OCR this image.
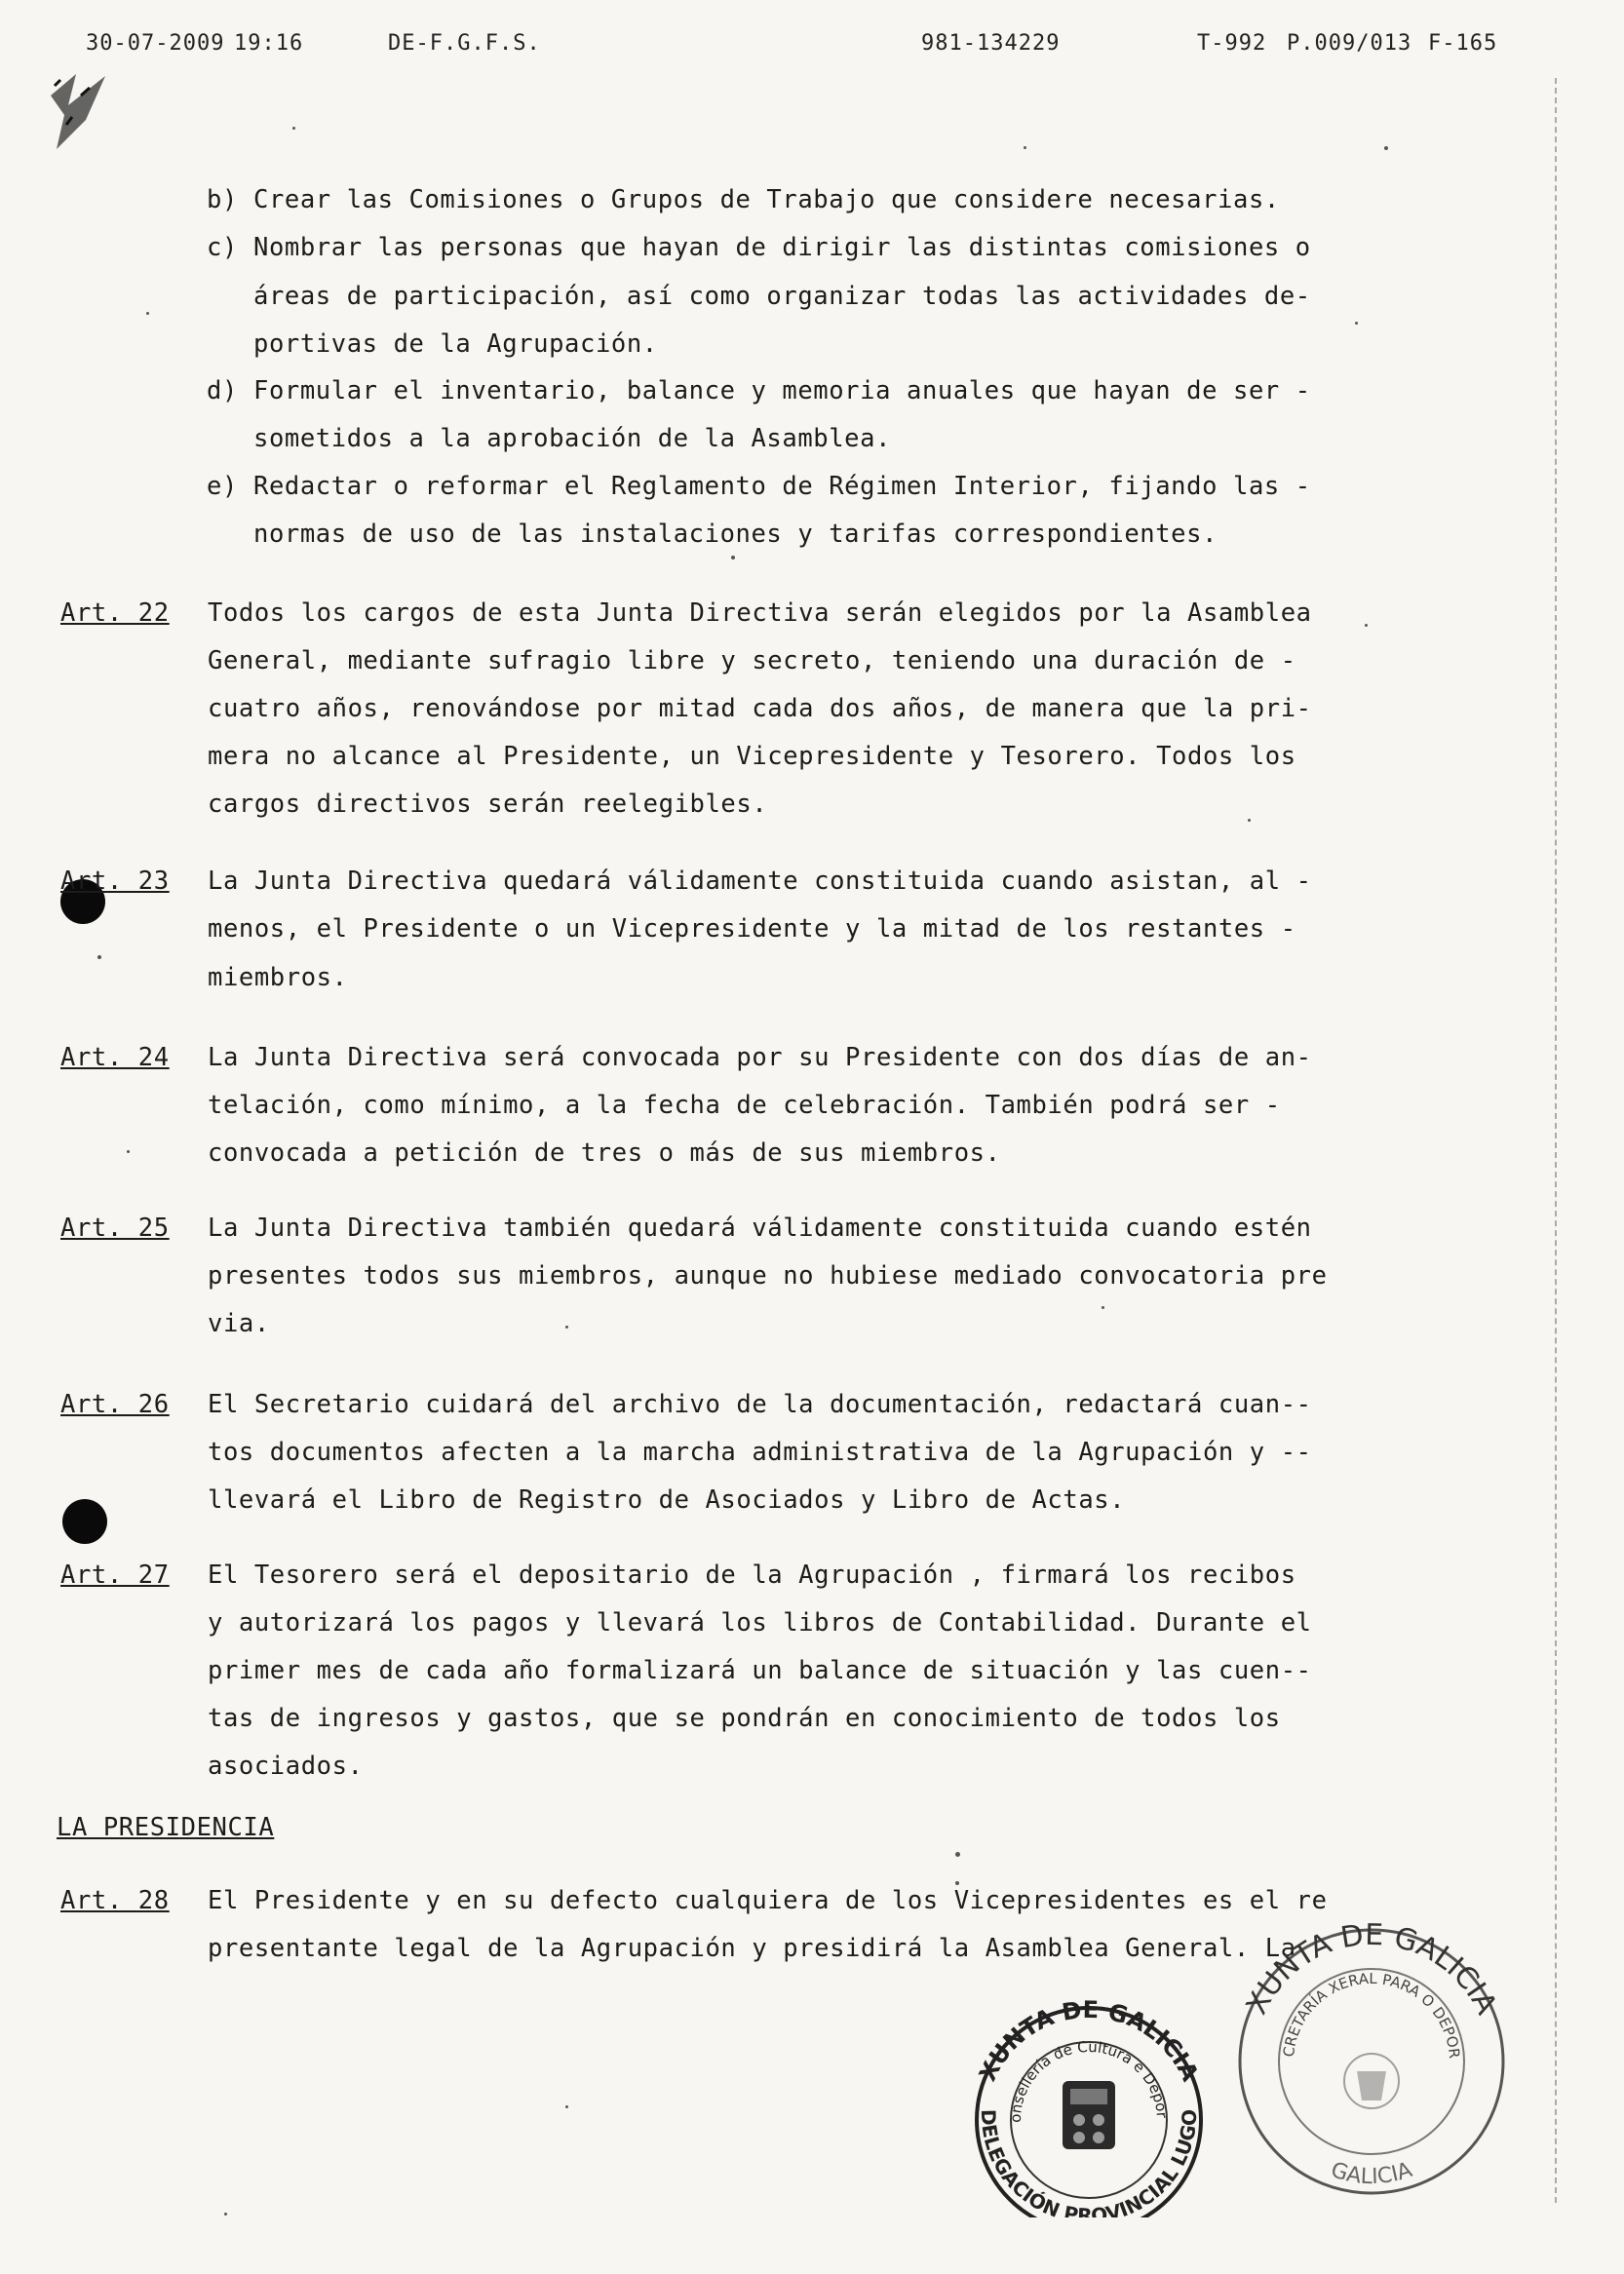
30-07-2009 19:16	DE-F.G.F.S.	981-134229	T-992 P.009/013 F-165
b) Crear las Comisiones o Grupos de Trabajo que considere necesarias.
c) Nombrar las personas que hayan de dirigir las distintas comisiones o
áreas de participación, así como organizar todas las actividades de-
portivas de la Agrupación.
d) Formular el inventario, balance y memoria anuales que hayan de ser -
sometidos a la aprobación de la Asamblea.
e) Redactar o reformar el Reglamento de Régimen Interior, fijando las -
normas de uso de las instalaciones y tarifas correspondientes.
Art. 22 Todos los cargos de esta Junta Directiva serán elegidos por la Asamblea
General, mediante sufragio libre y secreto, teniendo una duración de -
cuatro años, renovándose por mitad cada dos años, de manera que la pri-
mera no alcance al Presidente, un Vicepresidente y Tesorero. Todos los
cargos directivos serán reelegibles.
Art. 23 La Junta Directiva quedará válidamente constituida cuando asistan, al -
menos, el Presidente o un Vicepresidente y la mitad de los restantes -
miembros.
Art. 24 La Junta Directiva será convocada por su Presidente con dos días de an-
telación, como mínimo, a la fecha de celebración. También podrá ser -
convocada a petición de tres o más de sus miembros.
Art. 25 La Junta Directiva también quedará válidamente constituida cuando estén
presentes todos sus miembros, aunque no hubiese mediado convocatoria pre
via.
Art. 26 El Secretario cuidará del archivo de la documentación, redactará cuan--
tos documentos afecten a la marcha administrativa de la Agrupación y --
llevará el Libro de Registro de Asociados y Libro de Actas.
Art. 27 El Tesorero será el depositario de la Agrupación , firmará los recibos
y autorizará los pagos y llevará los libros de Contabilidad. Durante el
primer mes de cada año formalizará un balance de situación y las cuen--
tas de ingresos y gastos, que se pondrán en conocimiento de todos los
asociados.
LA PRESIDENCIA
Art. 28 El Presidente y en su defecto cualquiera de los Vicepresidentes es el re
presentante legal de la Agrupación y presidirá la Asamblea General. La
XUNTA DE GALICIA
onsellería de Cultura e Depor
DELEGACIÓN PROVINCIAL LUGO
XUNTA DE GALICIA
CRETARÍA XERAL PARA O DEPOR
GALICIA
